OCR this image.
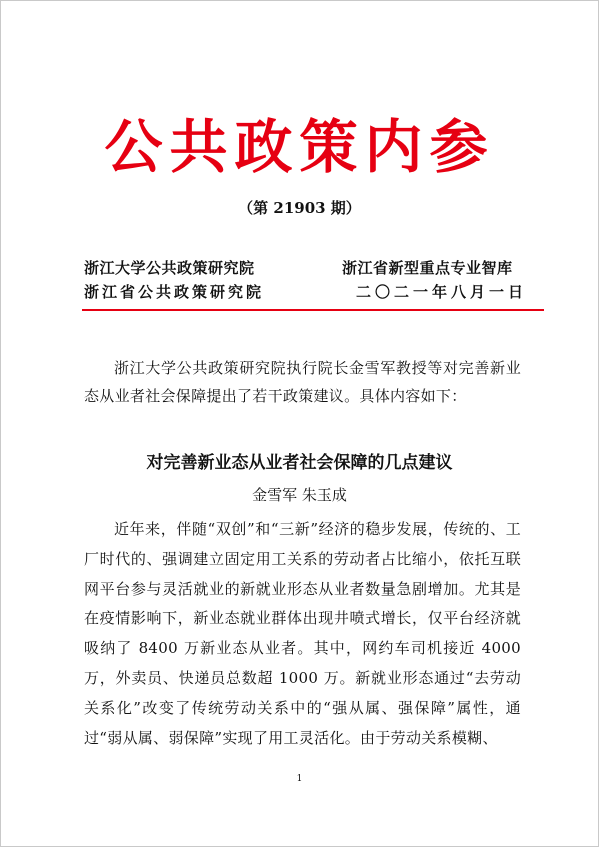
公共政策内参
（第 21903 期）
浙江大学公共政策研究院
浙江省公共政策研究院
浙江省新型重点专业智库
二〇二一年八月一日
浙江大学公共政策研究院执行院长金雪军教授等对完善新业态从业者社会保障提出了若干政策建议。具体内容如下：
对完善新业态从业者社会保障的几点建议
金雪军 朱玉成
近年来，伴随“双创”和“三新”经济的稳步发展，传统的、工厂时代的、强调建立固定用工关系的劳动者占比缩小，依托互联网平台参与灵活就业的新就业形态从业者数量急剧增加。尤其是在疫情影响下，新业态就业群体出现井喷式增长，仅平台经济就吸纳了 8400 万新业态从业者。其中，网约车司机接近 4000 万，外卖员、快递员总数超 1000 万。新就业形态通过“去劳动关系化”改变了传统劳动关系中的“强从属、强保障”属性，通过“弱从属、弱保障”实现了用工灵活化。由于劳动关系模糊、
1
